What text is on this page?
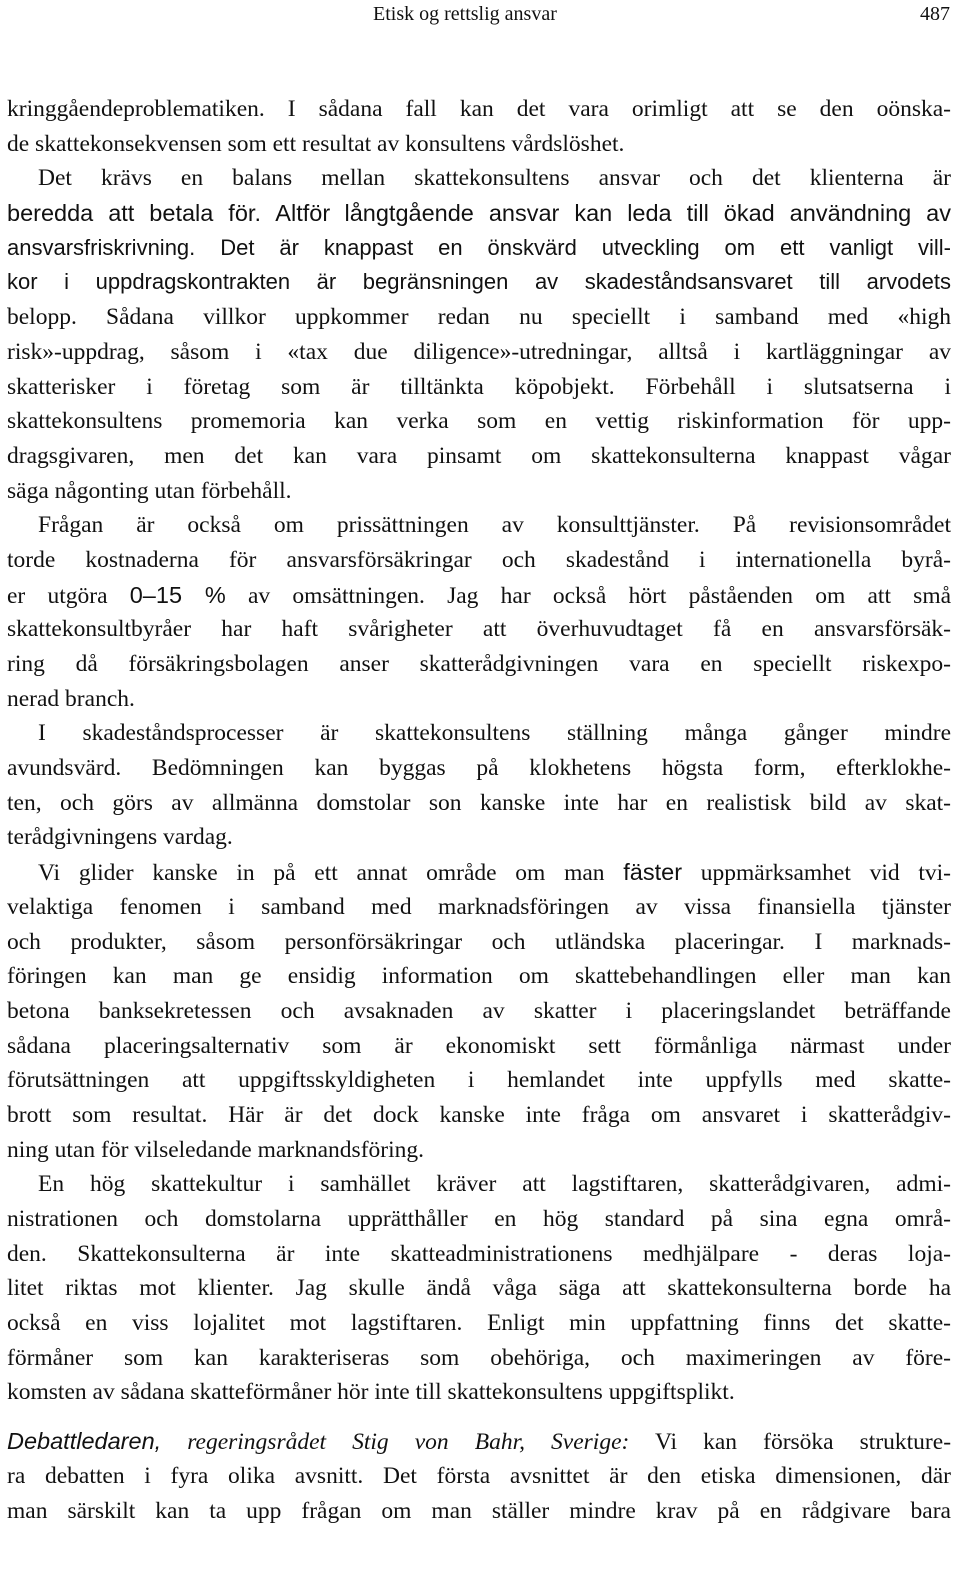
Etisk og rettslig ansvar	487
kringgåendeproblematiken. I sådana fall kan det vara orimligt att se den oönska-
de skattekonsekvensen som ett resultat av konsultens vårdslöshet.
Det krävs en balans mellan skattekonsultens ansvar och det klienterna är
beredda att betala för. Altför långtgående ansvar kan leda till ökad användning av
ansvarsfriskrivning. Det är knappast en önskvärd utveckling om ett vanligt vill-
kor i uppdragskontrakten är begränsningen av skadeståndsansvaret till arvodets
belopp. Sådana villkor uppkommer redan nu speciellt i samband med «high
risk»-uppdrag, såsom i «tax due diligence»-utredningar, alltså i kartläggningar av
skatterisker i företag som är tilltänkta köpobjekt. Förbehåll i slutsatserna i
skattekonsultens promemoria kan verka som en vettig riskinformation för upp-
dragsgivaren, men det kan vara pinsamt om skattekonsulterna knappast vågar
säga någonting utan förbehåll.
Frågan är också om prissättningen av konsulttjänster. På revisionsområdet
torde kostnaderna för ansvarsförsäkringar och skadestånd i internationella byrå-
er utgöra 0–15 % av omsättningen. Jag har också hört påståenden om att små
skattekonsultbyråer har haft svårigheter att överhuvudtaget få en ansvarsförsäk-
ring då försäkringsbolagen anser skatterådgivningen vara en speciellt riskexpo-
nerad branch.
I skadeståndsprocesser är skattekonsultens ställning många gånger mindre
avundsvärd. Bedömningen kan byggas på klokhetens högsta form, efterklokhe-
ten, och görs av allmänna domstolar son kanske inte har en realistisk bild av skat-
terådgivningens vardag.
Vi glider kanske in på ett annat område om man fäster uppmärksamhet vid tvi-
velaktiga fenomen i samband med marknadsföringen av vissa finansiella tjänster
och produkter, såsom personförsäkringar och utländska placeringar. I marknads-
föringen kan man ge ensidig information om skattebehandlingen eller man kan
betona banksekretessen och avsaknaden av skatter i placeringslandet beträffande
sådana placeringsalternativ som är ekonomiskt sett förmånliga närmast under
förutsättningen att uppgiftsskyldigheten i hemlandet inte uppfylls med skatte-
brott som resultat. Här är det dock kanske inte fråga om ansvaret i skatterådgiv-
ning utan för vilseledande marknandsföring.
En hög skattekultur i samhället kräver att lagstiftaren, skatterådgivaren, admi-
nistrationen och domstolarna upprätthåller en hög standard på sina egna områ-
den. Skattekonsulterna är inte skatteadministrationens medhjälpare - deras loja-
litet riktas mot klienter. Jag skulle ändå våga säga att skattekonsulterna borde ha
också en viss lojalitet mot lagstiftaren. Enligt min uppfattning finns det skatte-
förmåner som kan karakteriseras som obehöriga, och maximeringen av före-
komsten av sådana skatteförmåner hör inte till skattekonsultens uppgiftsplikt.
Debattledaren, regeringsrådet Stig von Bahr, Sverige: Vi kan försöka strukture-
ra debatten i fyra olika avsnitt. Det första avsnittet är den etiska dimensionen, där
man särskilt kan ta upp frågan om man ställer mindre krav på en rådgivare bara
